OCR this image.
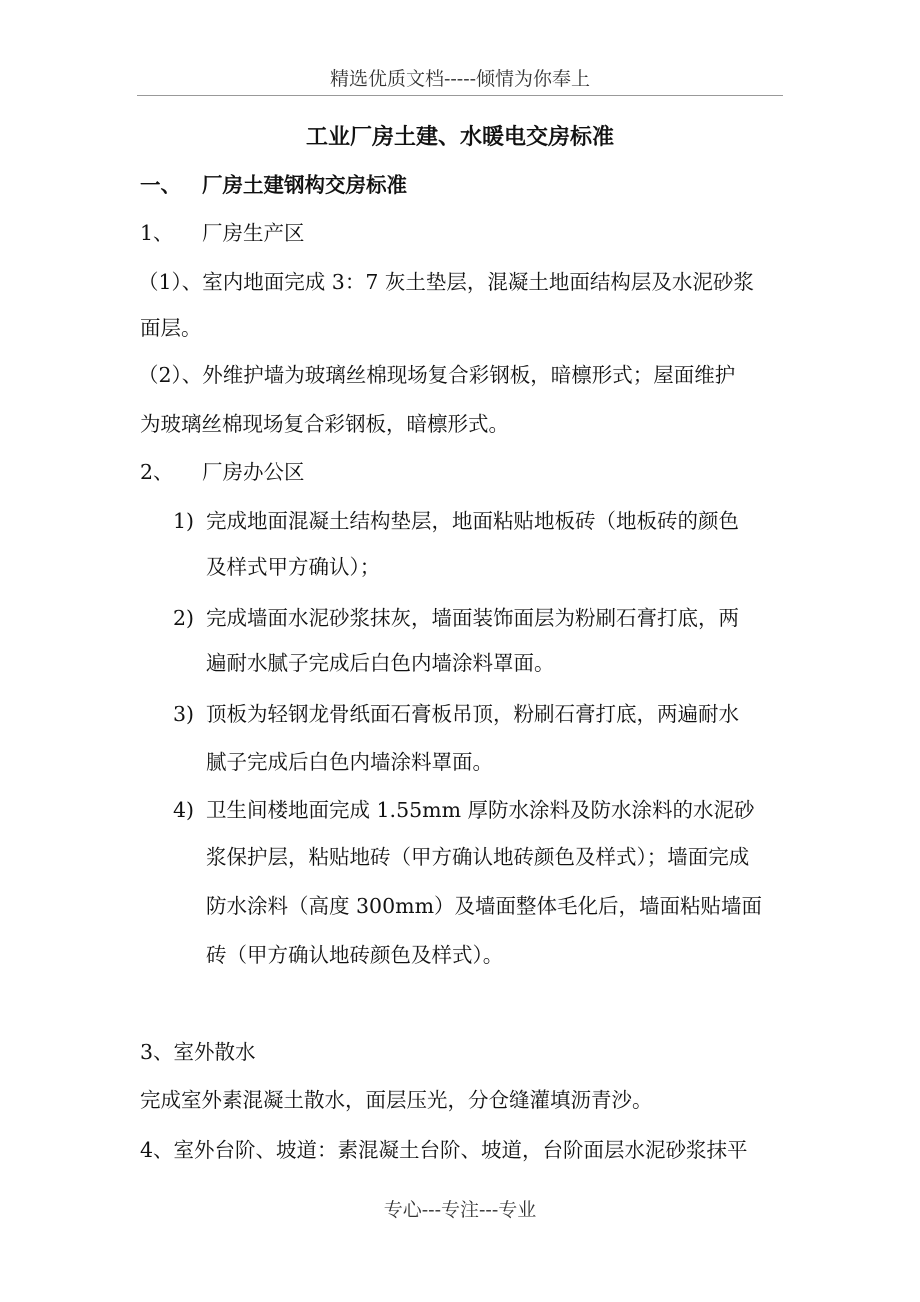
精选优质文档-----倾情为你奉上
工业厂房土建、水暖电交房标准
一、 厂房土建钢构交房标准
1、 厂房生产区
（1）、室内地面完成 3：7 灰土垫层，混凝土地面结构层及水泥砂浆
面层。
（2）、外维护墙为玻璃丝棉现场复合彩钢板，暗檩形式；屋面维护
为玻璃丝棉现场复合彩钢板，暗檩形式。
2、 厂房办公区
1) 完成地面混凝土结构垫层，地面粘贴地板砖（地板砖的颜色
及样式甲方确认）；
2) 完成墙面水泥砂浆抹灰，墙面装饰面层为粉刷石膏打底，两
遍耐水腻子完成后白色内墙涂料罩面。
3) 顶板为轻钢龙骨纸面石膏板吊顶，粉刷石膏打底，两遍耐水
腻子完成后白色内墙涂料罩面。
4) 卫生间楼地面完成 1.55mm 厚防水涂料及防水涂料的水泥砂
浆保护层，粘贴地砖（甲方确认地砖颜色及样式）；墙面完成
防水涂料（高度 300mm）及墙面整体毛化后，墙面粘贴墙面
砖（甲方确认地砖颜色及样式）。
3、室外散水
完成室外素混凝土散水，面层压光，分仓缝灌填沥青沙。
4、室外台阶、坡道：素混凝土台阶、坡道，台阶面层水泥砂浆抹平
专心---专注---专业
